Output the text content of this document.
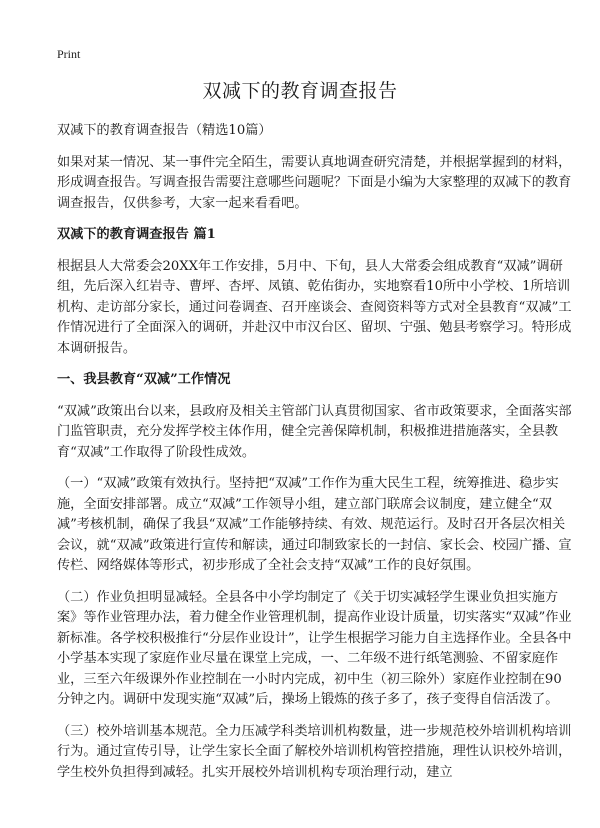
Print
双减下的教育调查报告

双减下的教育调查报告（精选10篇）

如果对某一情况、某一事件完全陌生，需要认真地调查研究清楚，并根据掌握到的材料，形成调查报告。写调查报告需要注意哪些问题呢？下面是小编为大家整理的双减下的教育调查报告，仅供参考，大家一起来看看吧。

双减下的教育调查报告 篇1

根据县人大常委会20XX年工作安排，5月中、下旬，县人大常委会组成教育“双减”调研组，先后深入红岩寺、曹坪、杏坪、凤镇、乾佑街办，实地察看10所中小学校、1所培训机构、走访部分家长，通过问卷调查、召开座谈会、查阅资料等方式对全县教育“双减”工作情况进行了全面深入的调研，并赴汉中市汉台区、留坝、宁强、勉县考察学习。特形成本调研报告。

一、我县教育“双减”工作情况

“双减”政策出台以来，县政府及相关主管部门认真贯彻国家、省市政策要求，全面落实部门监管职责，充分发挥学校主体作用，健全完善保障机制，积极推进措施落实，全县教育“双减”工作取得了阶段性成效。

（一）“双减”政策有效执行。坚持把“双减”工作作为重大民生工程，统筹推进、稳步实施，全面安排部署。成立“双减”工作领导小组，建立部门联席会议制度，建立健全“双减”考核机制，确保了我县“双减”工作能够持续、有效、规范运行。及时召开各层次相关会议，就“双减”政策进行宣传和解读，通过印制致家长的一封信、家长会、校园广播、宣传栏、网络媒体等形式，初步形成了全社会支持“双减”工作的良好氛围。

（二）作业负担明显减轻。全县各中小学均制定了《关于切实减轻学生课业负担实施方案》等作业管理办法，着力健全作业管理机制，提高作业设计质量，切实落实“双减”作业新标准。各学校积极推行“分层作业设计”，让学生根据学习能力自主选择作业。全县各中小学基本实现了家庭作业尽量在课堂上完成，一、二年级不进行纸笔测验、不留家庭作业，三至六年级课外作业控制在一小时内完成，初中生（初三除外）家庭作业控制在90分钟之内。调研中发现实施“双减”后，操场上锻炼的孩子多了，孩子变得自信活泼了。

（三）校外培训基本规范。全力压减学科类培训机构数量，进一步规范校外培训机构培训行为。通过宣传引导，让学生家长全面了解校外培训机构管控措施，理性认识校外培训，学生校外负担得到减轻。扎实开展校外培训机构专项治理行动，建立
